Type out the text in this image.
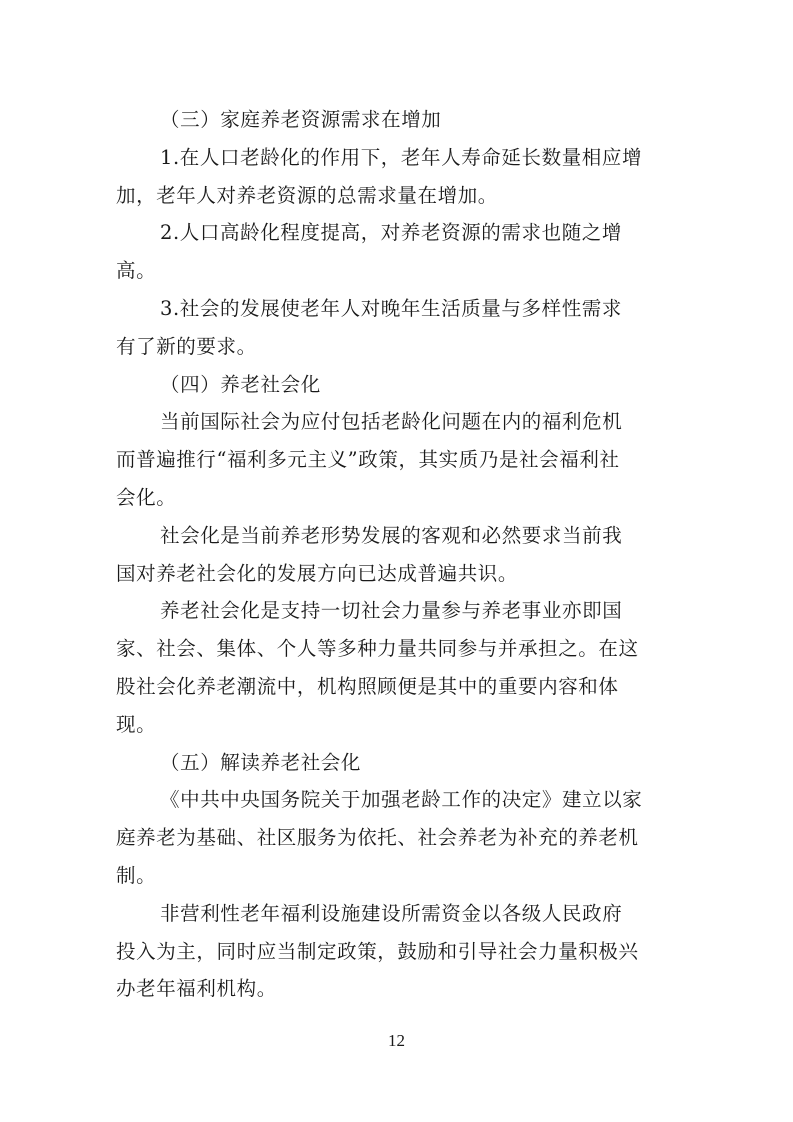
（三）家庭养老资源需求在增加
1.在人口老龄化的作用下，老年人寿命延长数量相应增
加，老年人对养老资源的总需求量在增加。
2.人口高龄化程度提高，对养老资源的需求也随之增
高。
3.社会的发展使老年人对晚年生活质量与多样性需求
有了新的要求。
（四）养老社会化
当前国际社会为应付包括老龄化问题在内的福利危机
而普遍推行“福利多元主义”政策，其实质乃是社会福利社
会化。
社会化是当前养老形势发展的客观和必然要求当前我
国对养老社会化的发展方向已达成普遍共识。
养老社会化是支持一切社会力量参与养老事业亦即国
家、社会、集体、个人等多种力量共同参与并承担之。在这
股社会化养老潮流中，机构照顾便是其中的重要内容和体
现。
（五）解读养老社会化
《中共中央国务院关于加强老龄工作的决定》建立以家
庭养老为基础、社区服务为依托、社会养老为补充的养老机
制。
非营利性老年福利设施建设所需资金以各级人民政府
投入为主，同时应当制定政策，鼓励和引导社会力量积极兴
办老年福利机构。
12
